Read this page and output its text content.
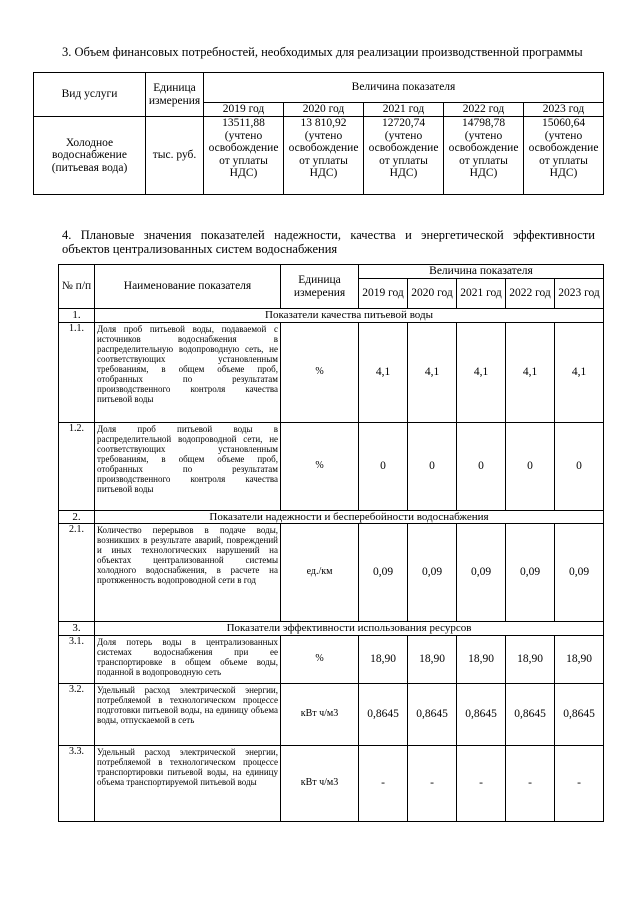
3. Объем финансовых потребностей, необходимых для реализации производственной программы
Вид услуги	Единица измерения	Величина показателя				
		2019 год	2020 год	2021 год	2022 год	2023 год
Холодное водоснабжение (питьевая вода)	тыс. руб.	13511,88 (учтено освобождение от уплаты НДС)	13 810,92 (учтено освобождение от уплаты НДС)	12720,74 (учтено освобождение от уплаты НДС)	14798,78 (учтено освобождение от уплаты НДС)	15060,64 (учтено освобождение от уплаты НДС)
4. Плановые значения показателей надежности, качества и энергетической эффективности объектов централизованных систем водоснабжения
№ п/п	Наименование показателя	Единица измерения	Величина показателя				
			2019 год	2020 год	2021 год	2022 год	2023 год
1.	Показатели качества питьевой воды						
1.1.	Доля проб питьевой воды, подаваемой с источников водоснабжения в распределительную водопроводную сеть, не соответствующих установленным требованиям, в общем объеме проб, отобранных по результатам производственного контроля качества питьевой воды	%	4,1	4,1	4,1	4,1	4,1
1.2.	Доля проб питьевой воды в распределительной водопроводной сети, не соответствующих установленным требованиям, в общем объеме проб, отобранных по результатам производственного контроля качества питьевой воды	%	0	0	0	0	0
2.	Показатели надежности и бесперебойности водоснабжения						
2.1.	Количество перерывов в подаче воды, возникших в результате аварий, повреждений и иных технологических нарушений на объектах централизованной системы холодного водоснабжения, в расчете на протяженность водопроводной сети в год	ед./км	0,09	0,09	0,09	0,09	0,09
3.	Показатели эффективности использования ресурсов						
3.1.	Доля потерь воды в централизованных системах водоснабжения при ее транспортировке в общем объеме воды, поданной в водопроводную сеть	%	18,90	18,90	18,90	18,90	18,90
3.2.	Удельный расход электрической энергии, потребляемой в технологическом процессе подготовки питьевой воды, на единицу объема воды, отпускаемой в сеть	кВт ч/м3	0,8645	0,8645	0,8645	0,8645	0,8645
3.3.	Удельный расход электрической энергии, потребляемой в технологическом процессе транспортировки питьевой воды, на единицу объема транспортируемой питьевой воды	кВт ч/м3	-	-	-	-	-
